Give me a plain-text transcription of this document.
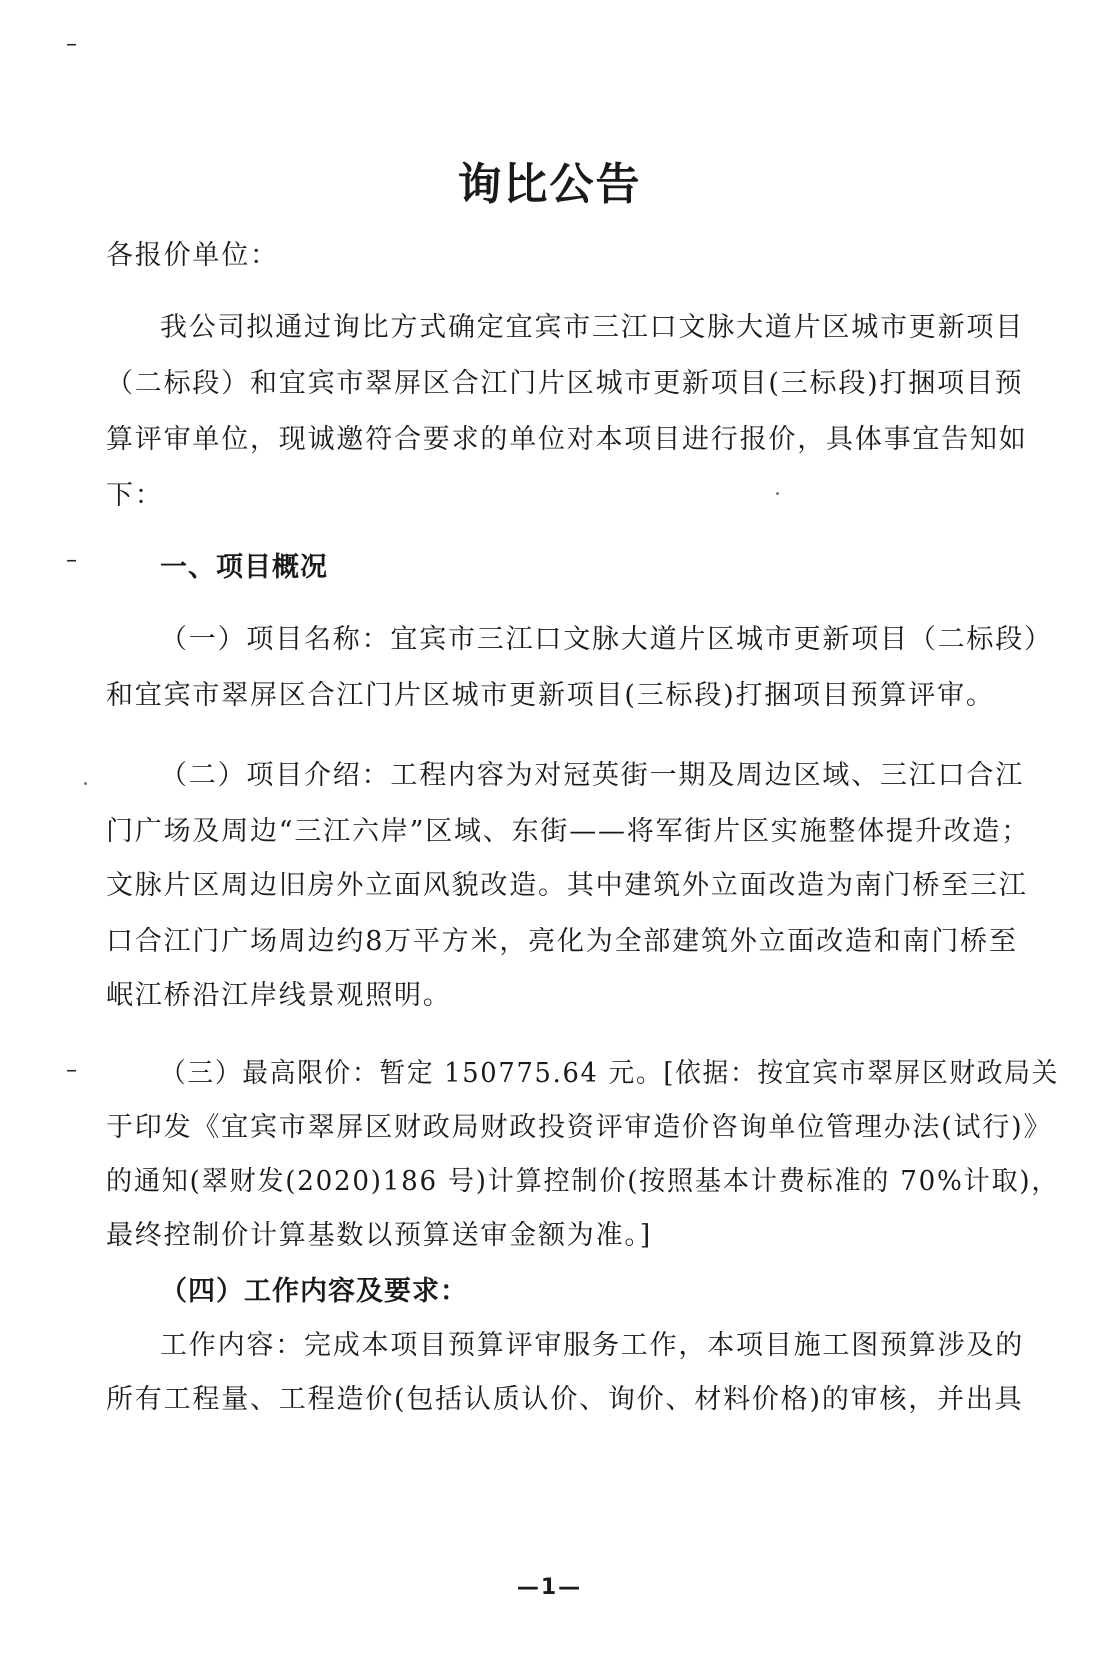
–
–
–
询比公告
各报价单位：
我公司拟通过询比方式确定宜宾市三江口文脉大道片区城市更新项目
（二标段）和宜宾市翠屏区合江门片区城市更新项目(三标段)打捆项目预
算评审单位，现诚邀符合要求的单位对本项目进行报价，具体事宜告知如
下：
一、项目概况
（一）项目名称：宜宾市三江口文脉大道片区城市更新项目（二标段）
和宜宾市翠屏区合江门片区城市更新项目(三标段)打捆项目预算评审。
（二）项目介绍：工程内容为对冠英街一期及周边区域、三江口合江
门广场及周边“三江六岸”区域、东街——将军街片区实施整体提升改造；
文脉片区周边旧房外立面风貌改造。其中建筑外立面改造为南门桥至三江
口合江门广场周边约8万平方米，亮化为全部建筑外立面改造和南门桥至
岷江桥沿江岸线景观照明。
（三）最高限价：暂定 150775.64 元。[依据：按宜宾市翠屏区财政局关
于印发《宜宾市翠屏区财政局财政投资评审造价咨询单位管理办法(试行)》
的通知(翠财发(2020)186 号)计算控制价(按照基本计费标准的 70%计取)，
最终控制价计算基数以预算送审金额为准。]
（四）工作内容及要求：
工作内容：完成本项目预算评审服务工作，本项目施工图预算涉及的
所有工程量、工程造价(包括认质认价、询价、材料价格)的审核，并出具
—1—
